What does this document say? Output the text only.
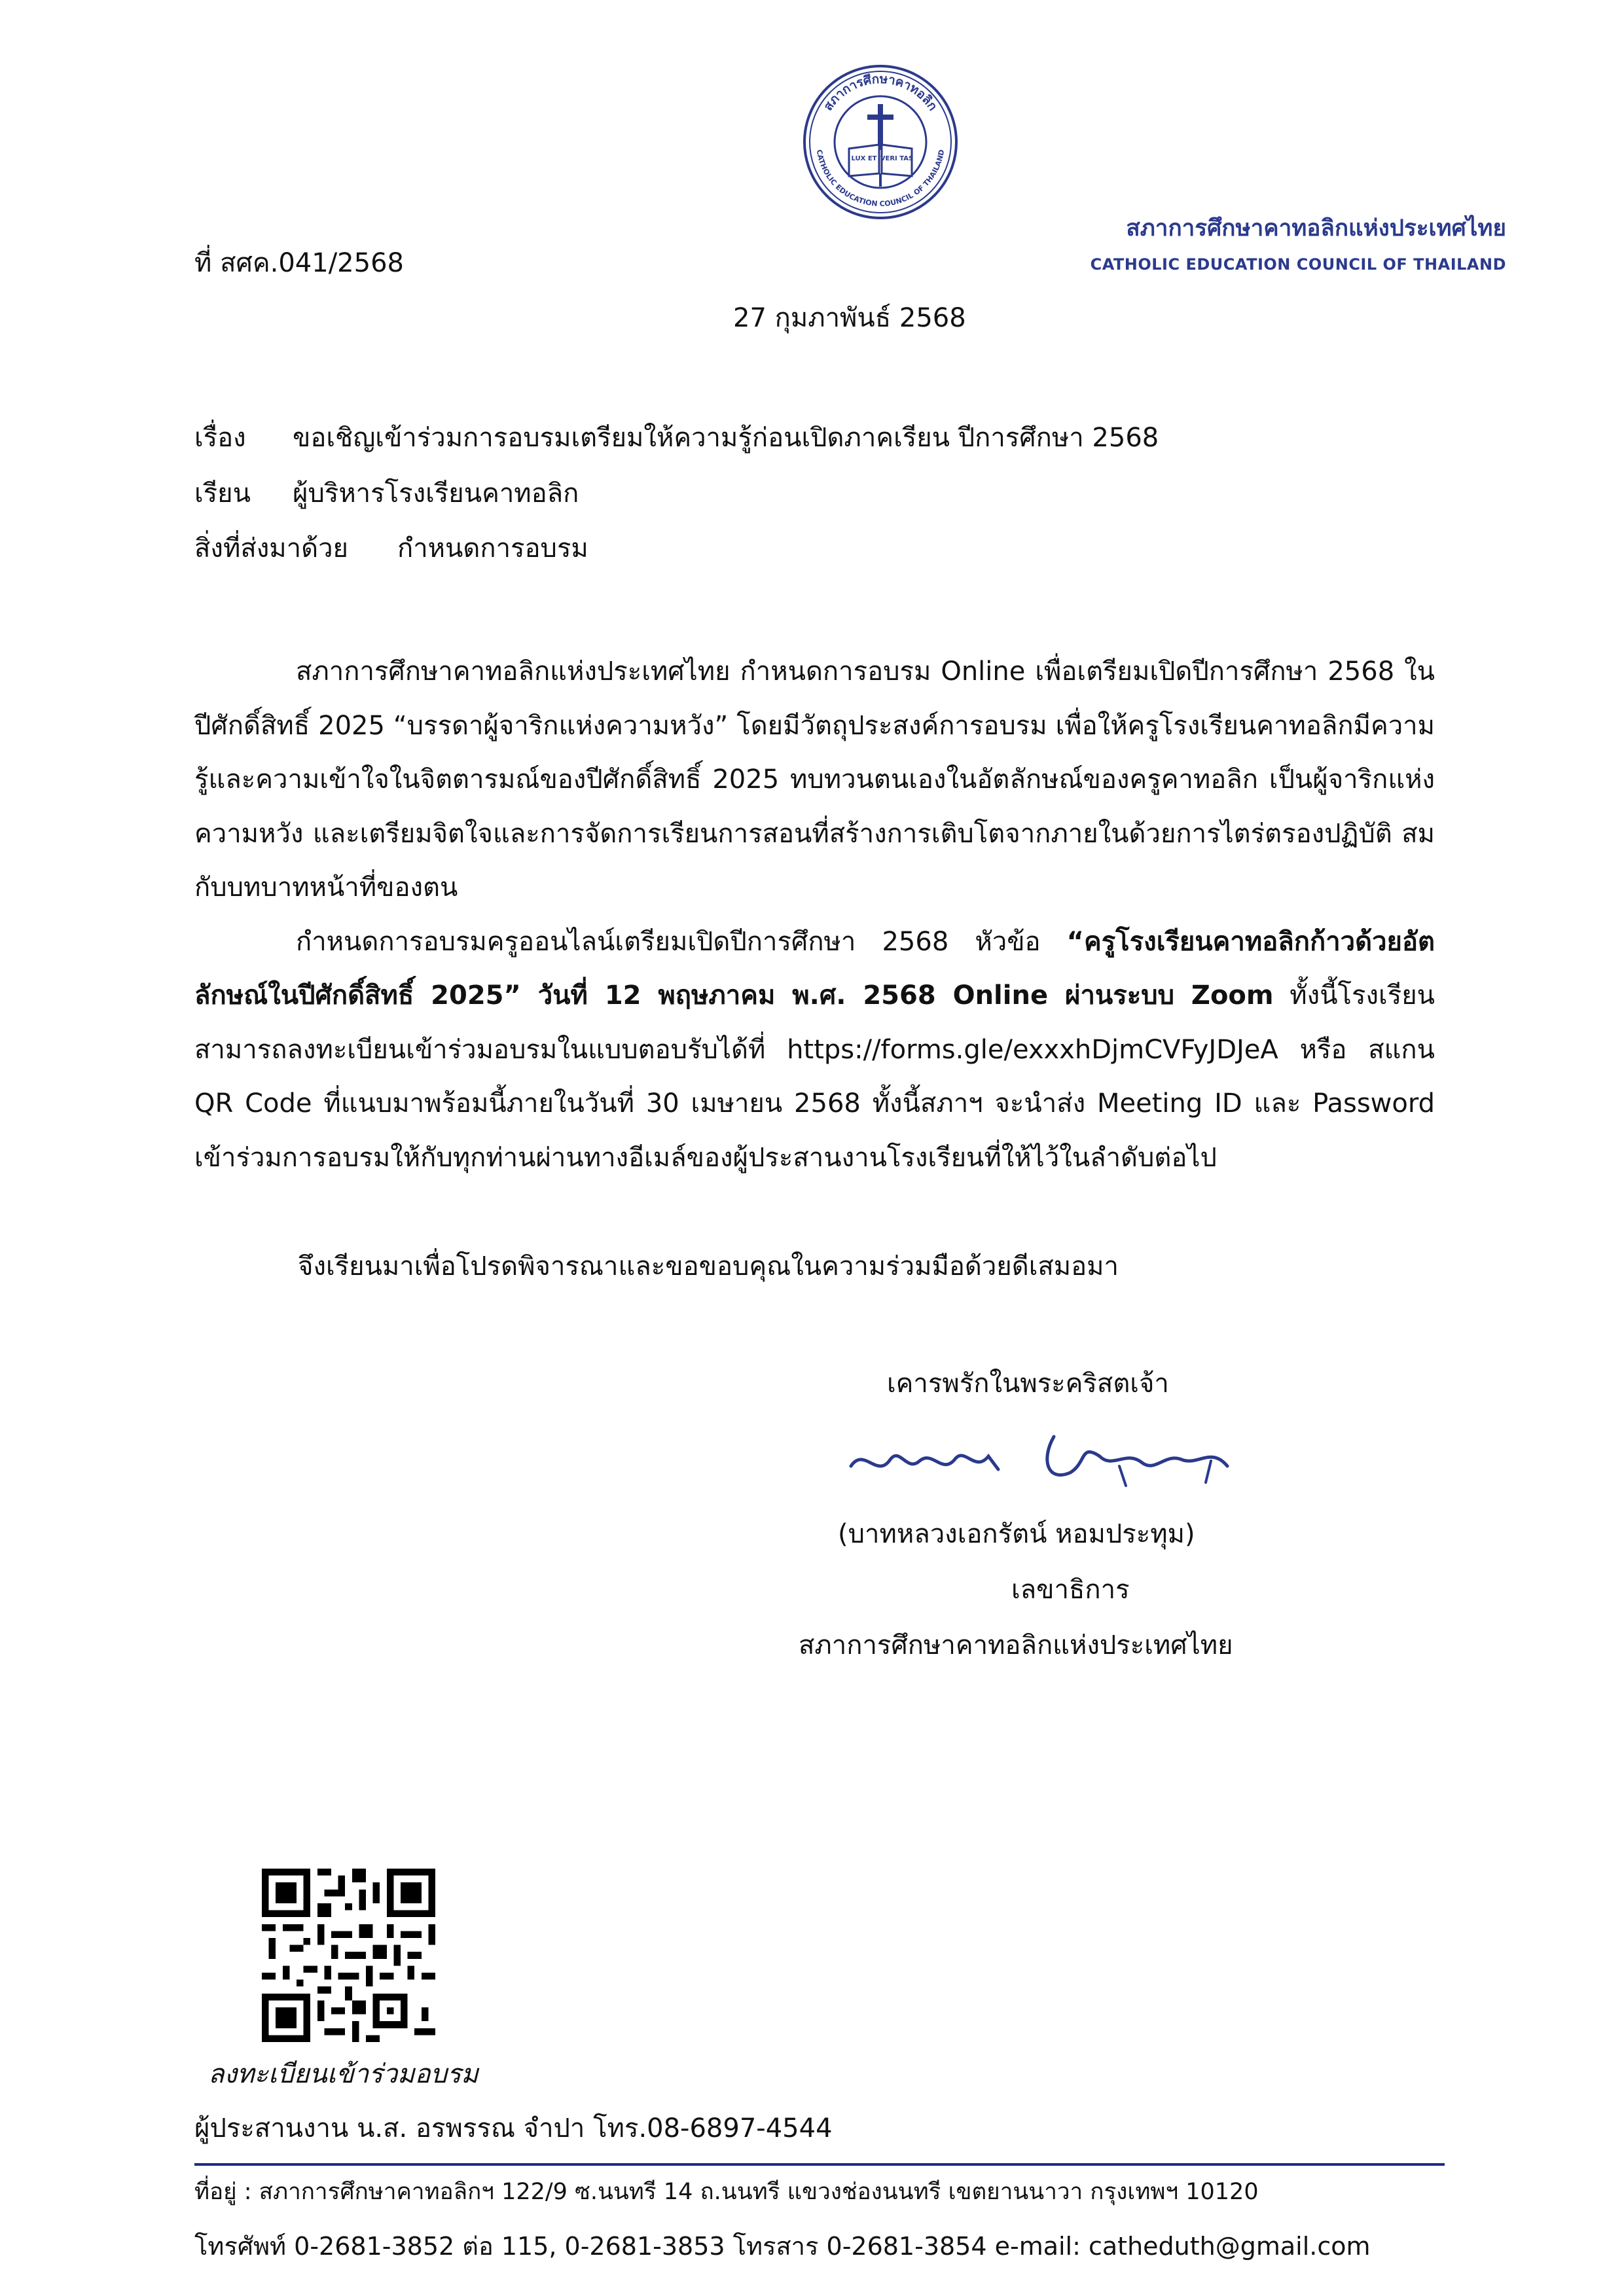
สภาการศึกษาคาทอลิก
CATHOLIC EDUCATION COUNCIL OF THAILAND
LUX ET VERI TAS
สภาการศึกษาคาทอลิกแห่งประเทศไทย
CATHOLIC EDUCATION COUNCIL OF THAILAND
ที่ สศค.041/2568
27 กุมภาพันธ์ 2568
เรื่อง ขอเชิญเข้าร่วมการอบรมเตรียมให้ความรู้ก่อนเปิดภาคเรียน ปีการศึกษา 2568
เรียน ผู้บริหารโรงเรียนคาทอลิก
สิ่งที่ส่งมาด้วย กำหนดการอบรม

สภาการศึกษาคาทอลิกแห่งประเทศไทย กำหนดการอบรม Online เพื่อเตรียมเปิดปีการศึกษา 2568 ในปีศักดิ์สิทธิ์ 2025 “บรรดาผู้จาริกแห่งความหวัง” โดยมีวัตถุประสงค์การอบรม เพื่อให้ครูโรงเรียนคาทอลิกมีความรู้และความเข้าใจในจิตตารมณ์ของปีศักดิ์สิทธิ์ 2025 ทบทวนตนเองในอัตลักษณ์ของครูคาทอลิก เป็นผู้จาริกแห่งความหวัง และเตรียมจิตใจและการจัดการเรียนการสอนที่สร้างการเติบโตจากภายในด้วยการไตร่ตรองปฏิบัติ สมกับบทบาทหน้าที่ของตน

กำหนดการอบรมครูออนไลน์เตรียมเปิดปีการศึกษา 2568 หัวข้อ “ครูโรงเรียนคาทอลิกก้าวด้วยอัตลักษณ์ในปีศักดิ์สิทธิ์ 2025” วันที่ 12 พฤษภาคม พ.ศ. 2568 Online ผ่านระบบ Zoom ทั้งนี้โรงเรียนสามารถลงทะเบียนเข้าร่วมอบรมในแบบตอบรับได้ที่ https://forms.gle/exxxhDjmCVFyJDJeA หรือ สแกน QR Code ที่แนบมาพร้อมนี้ภายในวันที่ 30 เมษายน 2568 ทั้งนี้สภาฯ จะนำส่ง Meeting ID และ Password เข้าร่วมการอบรมให้กับทุกท่านผ่านทางอีเมล์ของผู้ประสานงานโรงเรียนที่ให้ไว้ในลำดับต่อไป

จึงเรียนมาเพื่อโปรดพิจารณาและขอขอบคุณในความร่วมมือด้วยดีเสมอมา
เคารพรักในพระคริสตเจ้า
(บาทหลวงเอกรัตน์ หอมประทุม)
เลขาธิการ
สภาการศึกษาคาทอลิกแห่งประเทศไทย
ลงทะเบียนเข้าร่วมอบรม
ผู้ประสานงาน น.ส. อรพรรณ จำปา โทร.08-6897-4544
ที่อยู่ : สภาการศึกษาคาทอลิกฯ 122/9 ซ.นนทรี 14 ถ.นนทรี แขวงช่องนนทรี เขตยานนาวา กรุงเทพฯ 10120
โทรศัพท์ 0-2681-3852 ต่อ 115, 0-2681-3853 โทรสาร 0-2681-3854 e-mail: catheduth@gmail.com
